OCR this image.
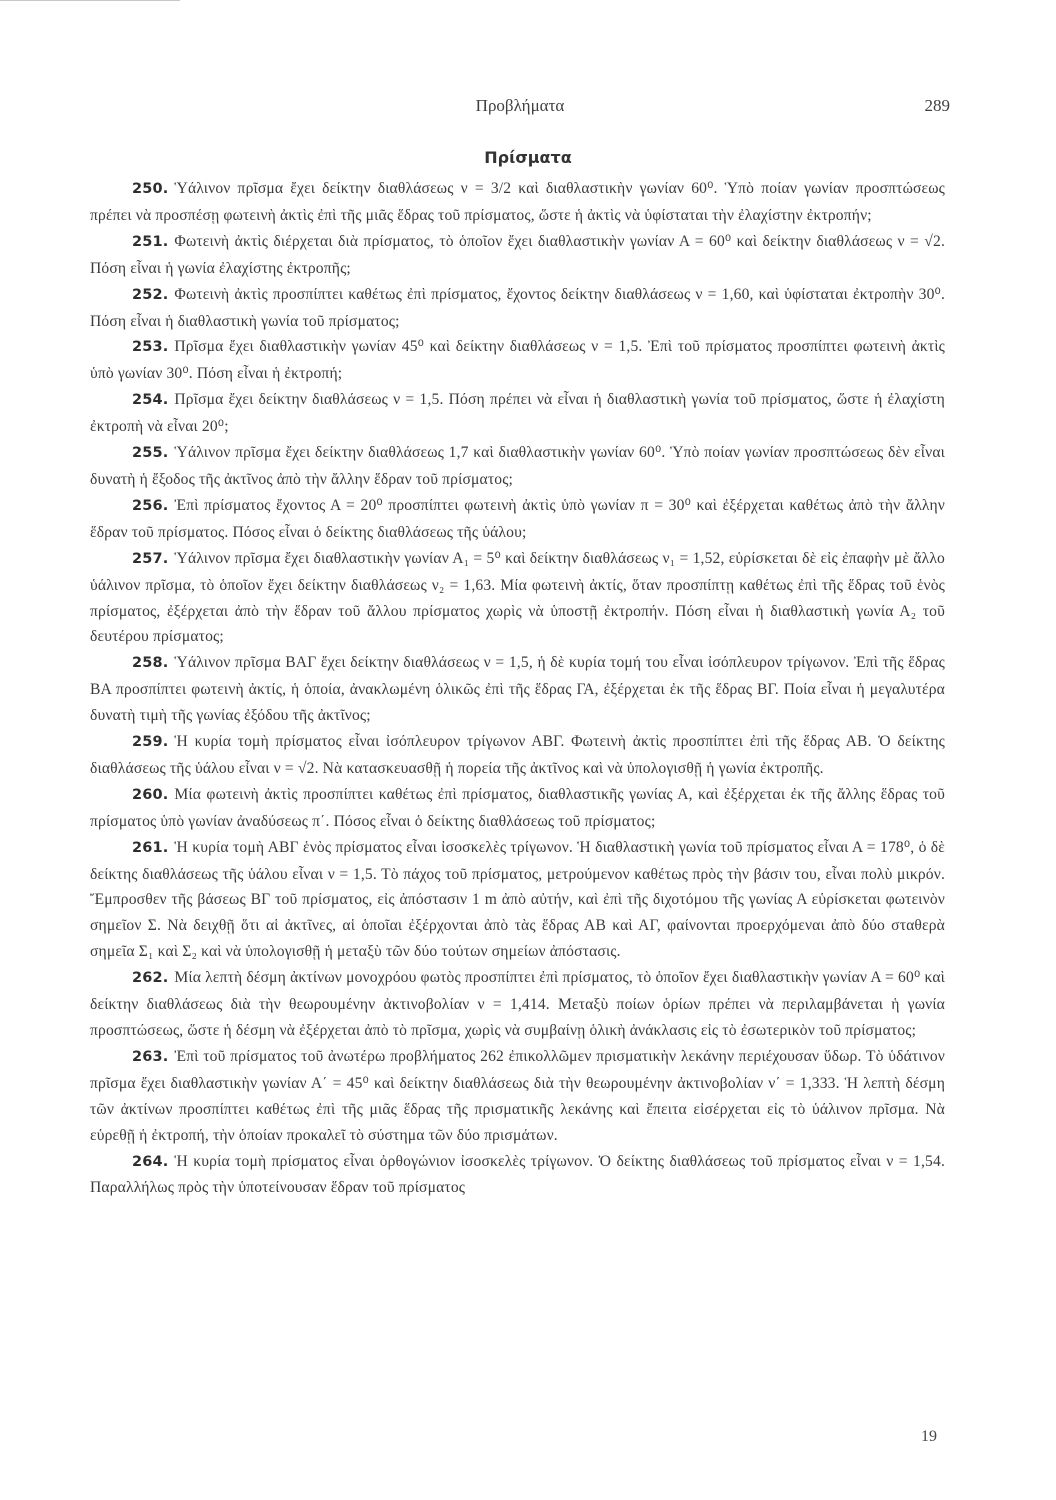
Προβλήματα	289
Πρίσματα

250. Ὑάλινον πρῖσμα ἔχει δείκτην διαθλάσεως ν = 3/2 καὶ διαθλαστικὴν γωνίαν 60⁰. Ὑπὸ ποίαν γωνίαν προσπτώσεως πρέπει νὰ προσπέσῃ φωτεινὴ ἀκτὶς ἐπὶ τῆς μιᾶς ἕδρας τοῦ πρίσματος, ὥστε ἡ ἀκτὶς νὰ ὑφίσταται τὴν ἐλαχίστην ἐκτροπήν;

251. Φωτεινὴ ἀκτὶς διέρχεται διὰ πρίσματος, τὸ ὁποῖον ἔχει διαθλαστικὴν γωνίαν Α = 60⁰ καὶ δείκτην διαθλάσεως ν = √2. Πόση εἶναι ἡ γωνία ἐλαχίστης ἐκτροπῆς;

252. Φωτεινὴ ἀκτὶς προσπίπτει καθέτως ἐπὶ πρίσματος, ἔχοντος δείκτην διαθλάσεως ν = 1,60, καὶ ὑφίσταται ἐκτροπὴν 30⁰. Πόση εἶναι ἡ διαθλαστικὴ γωνία τοῦ πρίσματος;

253. Πρῖσμα ἔχει διαθλαστικὴν γωνίαν 45⁰ καὶ δείκτην διαθλάσεως ν = 1,5. Ἐπὶ τοῦ πρίσματος προσπίπτει φωτεινὴ ἀκτὶς ὑπὸ γωνίαν 30⁰. Πόση εἶναι ἡ ἐκτροπή;

254. Πρῖσμα ἔχει δείκτην διαθλάσεως ν = 1,5. Πόση πρέπει νὰ εἶναι ἡ διαθλαστικὴ γωνία τοῦ πρίσματος, ὥστε ἡ ἐλαχίστη ἐκτροπὴ νὰ εἶναι 20⁰;

255. Ὑάλινον πρῖσμα ἔχει δείκτην διαθλάσεως 1,7 καὶ διαθλαστικὴν γωνίαν 60⁰. Ὑπὸ ποίαν γωνίαν προσπτώσεως δὲν εἶναι δυνατὴ ἡ ἔξοδος τῆς ἀκτῖνος ἀπὸ τὴν ἄλλην ἕδραν τοῦ πρίσματος;

256. Ἐπὶ πρίσματος ἔχοντος Α = 20⁰ προσπίπτει φωτεινὴ ἀκτὶς ὑπὸ γωνίαν π = 30⁰ καὶ ἐξέρχεται καθέτως ἀπὸ τὴν ἄλλην ἕδραν τοῦ πρίσματος. Πόσος εἶναι ὁ δείκτης διαθλάσεως τῆς ὑάλου;

257. Ὑάλινον πρῖσμα ἔχει διαθλαστικὴν γωνίαν Α₁ = 5⁰ καὶ δείκτην διαθλάσεως ν₁ = 1,52, εὑρίσκεται δὲ εἰς ἐπαφὴν μὲ ἄλλο ὑάλινον πρῖσμα, τὸ ὁποῖον ἔχει δείκτην διαθλάσεως ν₂ = 1,63. Μία φωτεινὴ ἀκτίς, ὅταν προσπίπτῃ καθέτως ἐπὶ τῆς ἕδρας τοῦ ἑνὸς πρίσματος, ἐξέρχεται ἀπὸ τὴν ἕδραν τοῦ ἄλλου πρίσματος χωρὶς νὰ ὑποστῇ ἐκτροπήν. Πόση εἶναι ἡ διαθλαστικὴ γωνία Α₂ τοῦ δευτέρου πρίσματος;

258. Ὑάλινον πρῖσμα ΒΑΓ ἔχει δείκτην διαθλάσεως ν = 1,5, ἡ δὲ κυρία τομή του εἶναι ἰσόπλευρον τρίγωνον. Ἐπὶ τῆς ἕδρας ΒΑ προσπίπτει φωτεινὴ ἀκτίς, ἡ ὁποία, ἀνακλωμένη ὁλικῶς ἐπὶ τῆς ἕδρας ΓΑ, ἐξέρχεται ἐκ τῆς ἕδρας ΒΓ. Ποία εἶναι ἡ μεγαλυτέρα δυνατὴ τιμὴ τῆς γωνίας ἐξόδου τῆς ἀκτῖνος;

259. Ἡ κυρία τομὴ πρίσματος εἶναι ἰσόπλευρον τρίγωνον ΑΒΓ. Φωτεινὴ ἀκτὶς προσπίπτει ἐπὶ τῆς ἕδρας ΑΒ. Ὁ δείκτης διαθλάσεως τῆς ὑάλου εἶναι ν = √2. Νὰ κατασκευασθῇ ἡ πορεία τῆς ἀκτῖνος καὶ νὰ ὑπολογισθῇ ἡ γωνία ἐκτροπῆς.

260. Μία φωτεινὴ ἀκτὶς προσπίπτει καθέτως ἐπὶ πρίσματος, διαθλαστικῆς γωνίας Α, καὶ ἐξέρχεται ἐκ τῆς ἄλλης ἕδρας τοῦ πρίσματος ὑπὸ γωνίαν ἀναδύσεως π΄. Πόσος εἶναι ὁ δείκτης διαθλάσεως τοῦ πρίσματος;

261. Ἡ κυρία τομὴ ΑΒΓ ἑνὸς πρίσματος εἶναι ἰσοσκελὲς τρίγωνον. Ἡ διαθλαστικὴ γωνία τοῦ πρίσματος εἶναι Α = 178⁰, ὁ δὲ δείκτης διαθλάσεως τῆς ὑάλου εἶναι ν = 1,5. Τὸ πάχος τοῦ πρίσματος, μετρούμενον καθέτως πρὸς τὴν βάσιν του, εἶναι πολὺ μικρόν. Ἔμπροσθεν τῆς βάσεως ΒΓ τοῦ πρίσματος, εἰς ἀπόστασιν 1 m ἀπὸ αὐτήν, καὶ ἐπὶ τῆς διχοτόμου τῆς γωνίας Α εὑρίσκεται φωτεινὸν σημεῖον Σ. Νὰ δειχθῇ ὅτι αἱ ἀκτῖνες, αἱ ὁποῖαι ἐξέρχονται ἀπὸ τὰς ἕδρας ΑΒ καὶ ΑΓ, φαίνονται προερχόμεναι ἀπὸ δύο σταθερὰ σημεῖα Σ₁ καὶ Σ₂ καὶ νὰ ὑπολογισθῇ ἡ μεταξὺ τῶν δύο τούτων σημείων ἀπόστασις.

262. Μία λεπτὴ δέσμη ἀκτίνων μονοχρόου φωτὸς προσπίπτει ἐπὶ πρίσματος, τὸ ὁποῖον ἔχει διαθλαστικὴν γωνίαν Α = 60⁰ καὶ δείκτην διαθλάσεως διὰ τὴν θεωρουμένην ἀκτινοβολίαν ν = 1,414. Μεταξὺ ποίων ὁρίων πρέπει νὰ περιλαμβάνεται ἡ γωνία προσπτώσεως, ὥστε ἡ δέσμη νὰ ἐξέρχεται ἀπὸ τὸ πρῖσμα, χωρὶς νὰ συμβαίνῃ ὁλικὴ ἀνάκλασις εἰς τὸ ἐσωτερικὸν τοῦ πρίσματος;

263. Ἐπὶ τοῦ πρίσματος τοῦ ἀνωτέρω προβλήματος 262 ἐπικολλῶμεν πρισματικὴν λεκάνην περιέχουσαν ὕδωρ. Τὸ ὑδάτινον πρῖσμα ἔχει διαθλαστικὴν γωνίαν Α΄ = 45⁰ καὶ δείκτην διαθλάσεως διὰ τὴν θεωρουμένην ἀκτινοβολίαν ν΄ = 1,333. Ἡ λεπτὴ δέσμη τῶν ἀκτίνων προσπίπτει καθέτως ἐπὶ τῆς μιᾶς ἕδρας τῆς πρισματικῆς λεκάνης καὶ ἔπειτα εἰσέρχεται εἰς τὸ ὑάλινον πρῖσμα. Νὰ εὑρεθῇ ἡ ἐκτροπή, τὴν ὁποίαν προκαλεῖ τὸ σύστημα τῶν δύο πρισμάτων.

264. Ἡ κυρία τομὴ πρίσματος εἶναι ὀρθογώνιον ἰσοσκελὲς τρίγωνον. Ὁ δείκτης διαθλάσεως τοῦ πρίσματος εἶναι ν = 1,54. Παραλλήλως πρὸς τὴν ὑποτείνουσαν ἕδραν τοῦ πρίσματος

19
